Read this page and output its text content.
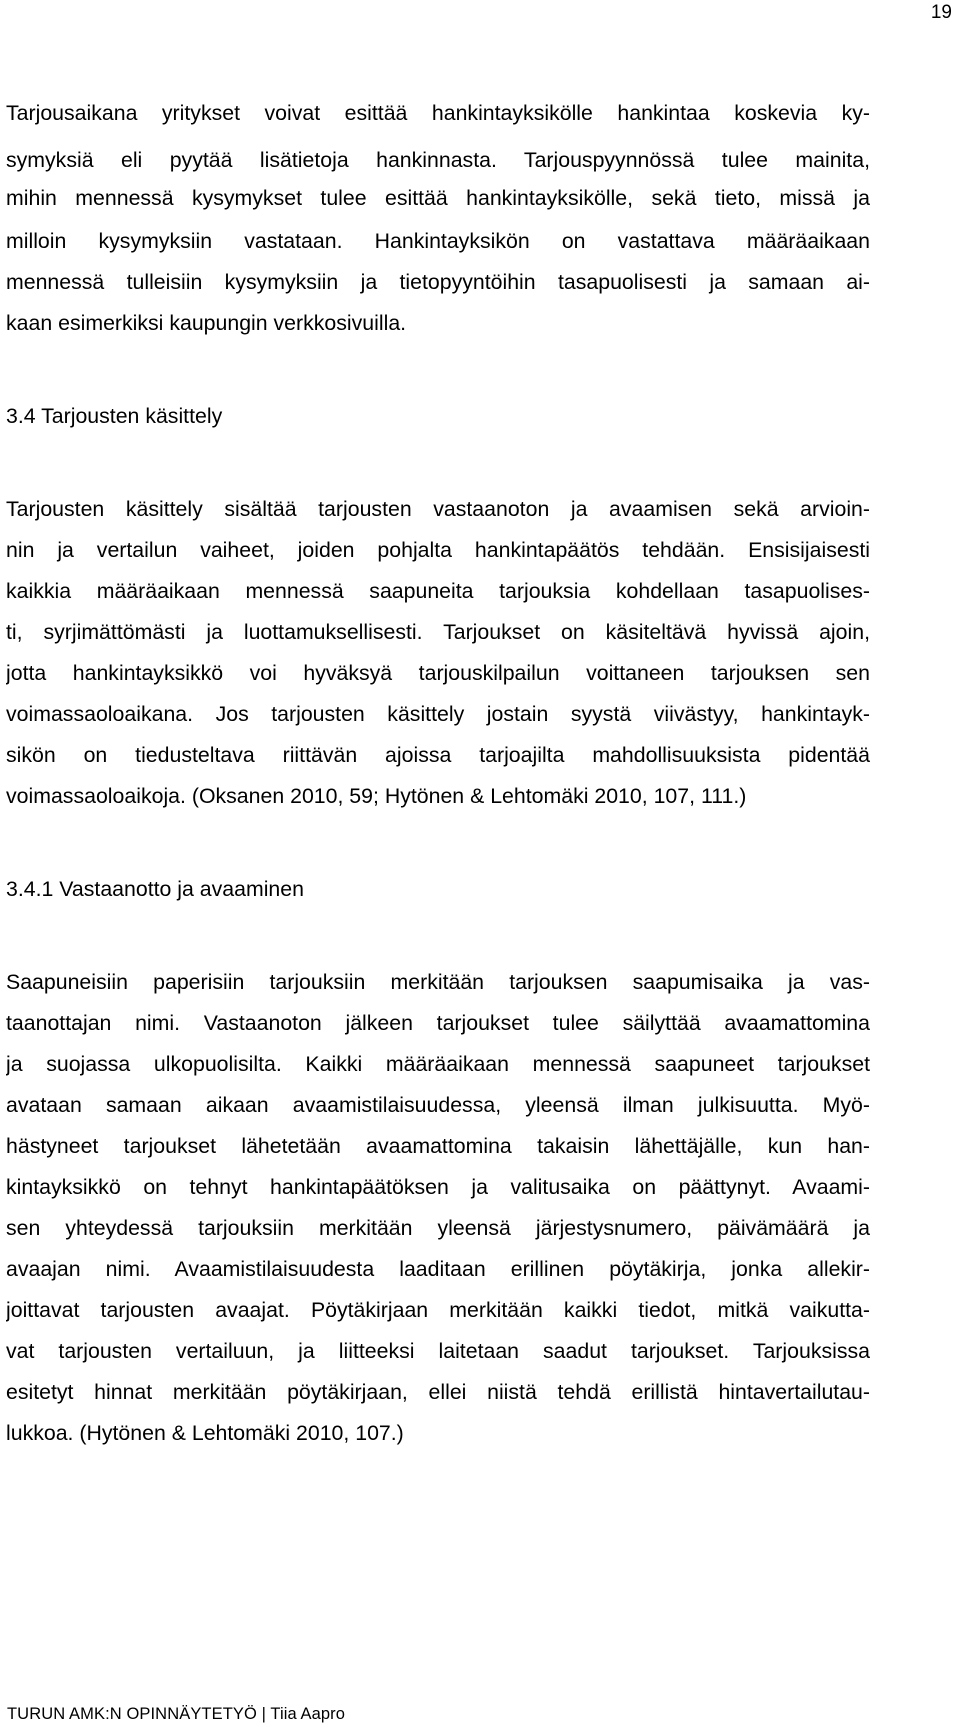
19
Tarjousaikana yritykset voivat esittää hankintayksikölle hankintaa koskevia ky-
symyksiä eli pyytää lisätietoja hankinnasta. Tarjouspyynnössä tulee mainita,
mihin mennessä kysymykset tulee esittää hankintayksikölle, sekä tieto, missä ja
milloin kysymyksiin vastataan. Hankintayksikön on vastattava määräaikaan
mennessä tulleisiin kysymyksiin ja tietopyyntöihin tasapuolisesti ja samaan ai-
kaan esimerkiksi kaupungin verkkosivuilla.
3.4 Tarjousten käsittely
Tarjousten käsittely sisältää tarjousten vastaanoton ja avaamisen sekä arvioin-
nin ja vertailun vaiheet, joiden pohjalta hankintapäätös tehdään. Ensisijaisesti
kaikkia määräaikaan mennessä saapuneita tarjouksia kohdellaan tasapuolises-
ti, syrjimättömästi ja luottamuksellisesti. Tarjoukset on käsiteltävä hyvissä ajoin,
jotta hankintayksikkö voi hyväksyä tarjouskilpailun voittaneen tarjouksen sen
voimassaoloaikana. Jos tarjousten käsittely jostain syystä viivästyy, hankintayk-
sikön on tiedusteltava riittävän ajoissa tarjoajilta mahdollisuuksista pidentää
voimassaoloaikoja. (Oksanen 2010, 59; Hytönen & Lehtomäki 2010, 107, 111.)
3.4.1 Vastaanotto ja avaaminen
Saapuneisiin paperisiin tarjouksiin merkitään tarjouksen saapumisaika ja vas-
taanottajan nimi. Vastaanoton jälkeen tarjoukset tulee säilyttää avaamattomina
ja suojassa ulkopuolisilta. Kaikki määräaikaan mennessä saapuneet tarjoukset
avataan samaan aikaan avaamistilaisuudessa, yleensä ilman julkisuutta. Myö-
hästyneet tarjoukset lähetetään avaamattomina takaisin lähettäjälle, kun han-
kintayksikkö on tehnyt hankintapäätöksen ja valitusaika on päättynyt. Avaami-
sen yhteydessä tarjouksiin merkitään yleensä järjestysnumero, päivämäärä ja
avaajan nimi. Avaamistilaisuudesta laaditaan erillinen pöytäkirja, jonka allekir-
joittavat tarjousten avaajat. Pöytäkirjaan merkitään kaikki tiedot, mitkä vaikutta-
vat tarjousten vertailuun, ja liitteeksi laitetaan saadut tarjoukset. Tarjouksissa
esitetyt hinnat merkitään pöytäkirjaan, ellei niistä tehdä erillistä hintavertailutau-
lukkoa. (Hytönen & Lehtomäki 2010, 107.)
TURUN AMK:N OPINNÄYTETYÖ | Tiia Aapro
